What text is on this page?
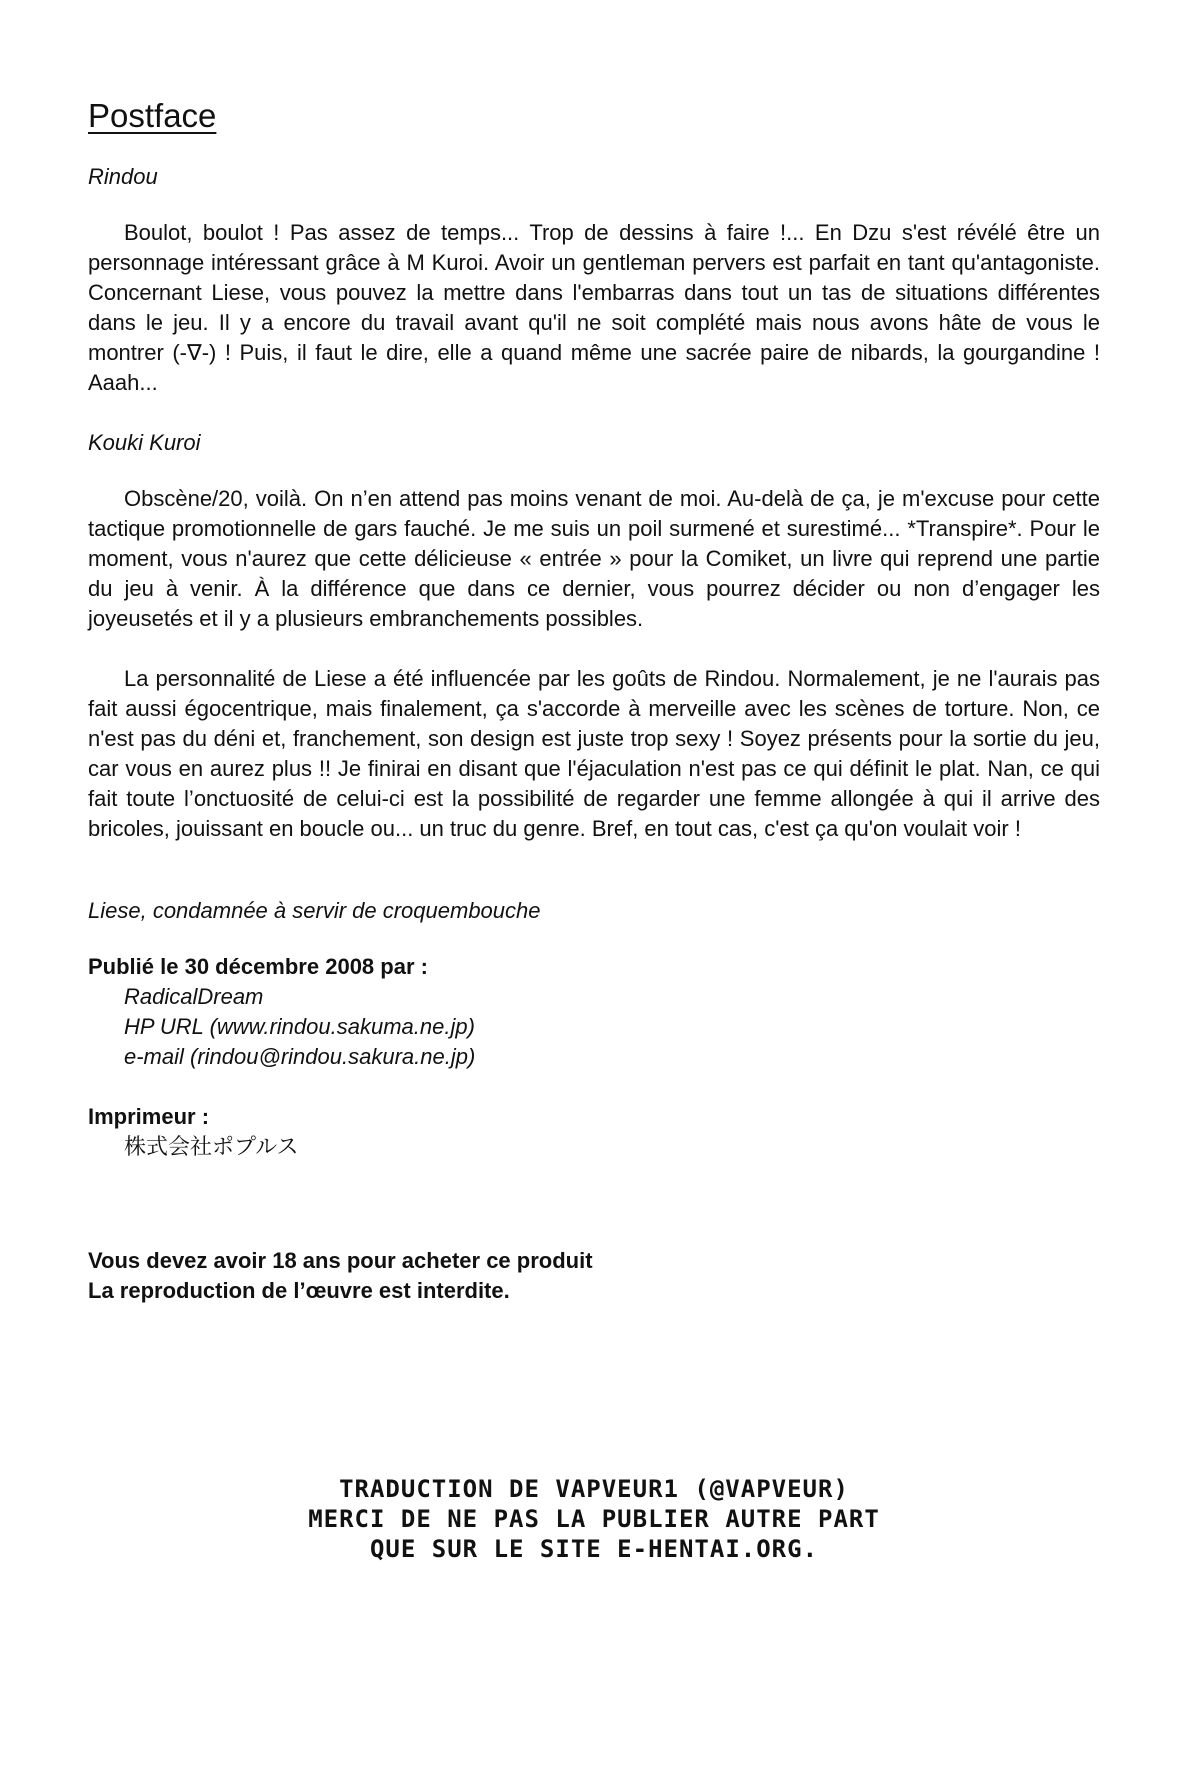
Postface
Rindou

Boulot, boulot ! Pas assez de temps... Trop de dessins à faire !... En Dzu s'est révélé être un personnage intéressant grâce à M Kuroi. Avoir un gentleman pervers est parfait en tant qu'antagoniste. Concernant Liese, vous pouvez la mettre dans l'embarras dans tout un tas de situations différentes dans le jeu. Il y a encore du travail avant qu'il ne soit complété mais nous avons hâte de vous le montrer (-∇-) ! Puis, il faut le dire, elle a quand même une sacrée paire de nibards, la gourgandine ! Aaah...

Kouki Kuroi

Obscène/20, voilà. On n’en attend pas moins venant de moi. Au-delà de ça, je m'excuse pour cette tactique promotionnelle de gars fauché. Je me suis un poil surmené et surestimé... *Transpire*. Pour le moment, vous n'aurez que cette délicieuse « entrée » pour la Comiket, un livre qui reprend une partie du jeu à venir. À la différence que dans ce dernier, vous pourrez décider ou non d’engager les joyeusetés et il y a plusieurs embranchements possibles.

La personnalité de Liese a été influencée par les goûts de Rindou. Normalement, je ne l'aurais pas fait aussi égocentrique, mais finalement, ça s'accorde à merveille avec les scènes de torture. Non, ce n'est pas du déni et, franchement, son design est juste trop sexy ! Soyez présents pour la sortie du jeu, car vous en aurez plus !! Je finirai en disant que l'éjaculation n'est pas ce qui définit le plat. Nan, ce qui fait toute l’onctuosité de celui-ci est la possibilité de regarder une femme allongée à qui il arrive des bricoles, jouissant en boucle ou... un truc du genre. Bref, en tout cas, c'est ça qu'on voulait voir !

Liese, condamnée à servir de croquembouche
Publié le 30 décembre 2008 par :
RadicalDream
HP URL (www.rindou.sakuma.ne.jp)
e-mail (rindou@rindou.sakura.ne.jp)
Imprimeur :
株式会社ポプルス
Vous devez avoir 18 ans pour acheter ce produit
La reproduction de l’œuvre est interdite.
TRADUCTION DE VAPVEUR1 (@VAPVEUR)
MERCI DE NE PAS LA PUBLIER AUTRE PART
QUE SUR LE SITE E-HENTAI.ORG.
